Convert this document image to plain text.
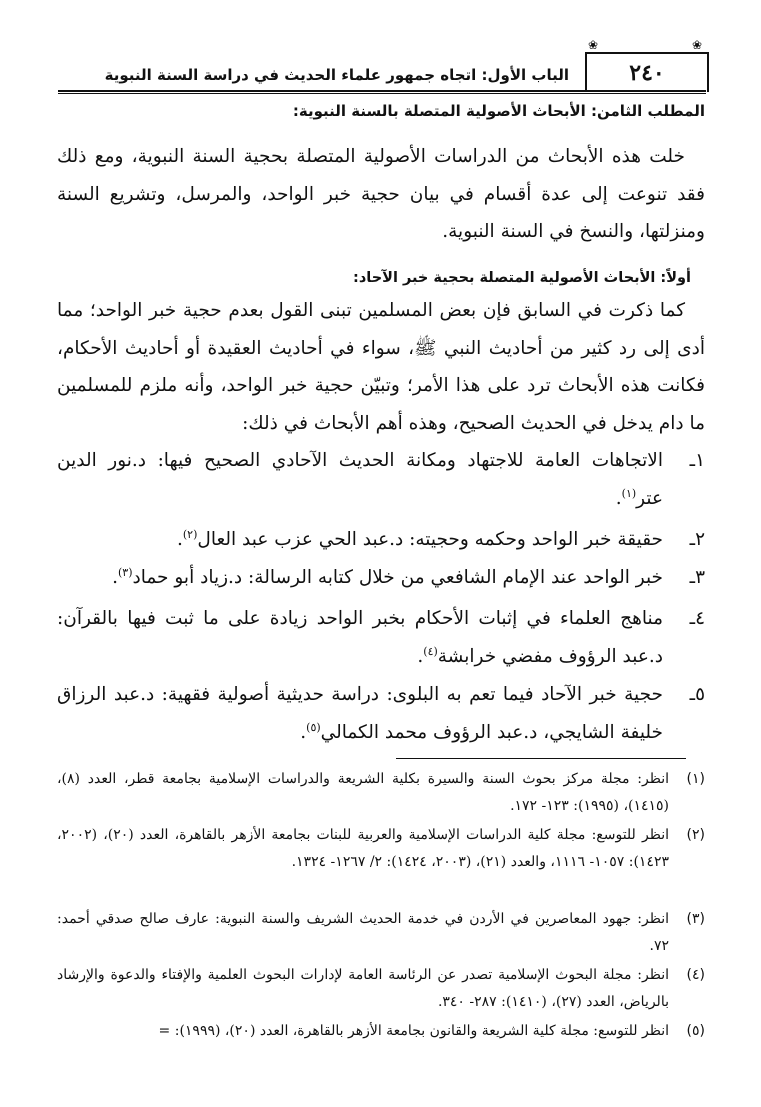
٢٤٠
❀	❀
الباب الأول: اتجاه جمهور علماء الحديث في دراسة السنة النبوية
المطلب الثامن: الأبحاث الأصولية المتصلة بالسنة النبوية:
خلت هذه الأبحاث من الدراسات الأصولية المتصلة بحجية السنة النبوية، ومع ذلك فقد تنوعت إلى عدة أقسام في بيان حجية خبر الواحد، والمرسل، وتشريع السنة ومنزلتها، والنسخ في السنة النبوية.
أولاً: الأبحاث الأصولية المتصلة بحجية خبر الآحاد:
كما ذكرت في السابق فإن بعض المسلمين تبنى القول بعدم حجية خبر الواحد؛ مما أدى إلى رد كثير من أحاديث النبي ﷺ، سواء في أحاديث العقيدة أو أحاديث الأحكام، فكانت هذه الأبحاث ترد على هذا الأمر؛ وتبيّن حجية خبر الواحد، وأنه ملزم للمسلمين ما دام يدخل في الحديث الصحيح، وهذه أهم الأبحاث في ذلك:
١ـ
الاتجاهات العامة للاجتهاد ومكانة الحديث الآحادي الصحيح فيها: د.نور الدين عتر$^{(١)}$.
٢ـ
حقيقة خبر الواحد وحكمه وحجيته: د.عبد الحي عزب عبد العال$^{(٢)}$.
٣ـ
خبر الواحد عند الإمام الشافعي من خلال كتابه الرسالة: د.زياد أبو حماد$^{(٣)}$.
٤ـ
مناهج العلماء في إثبات الأحكام بخبر الواحد زيادة على ما ثبت فيها بالقرآن: د.عبد الرؤوف مفضي خرابشة$^{(٤)}$.
٥ـ
حجية خبر الآحاد فيما تعم به البلوى: دراسة حديثية أصولية فقهية: د.عبد الرزاق خليفة الشايجي، د.عبد الرؤوف محمد الكمالي$^{(٥)}$.
(١)
انظر: مجلة مركز بحوث السنة والسيرة بكلية الشريعة والدراسات الإسلامية بجامعة قطر، العدد (٨)، (١٤١٥)، (١٩٩٥): ١٢٣- ١٧٢.
(٢)
انظر للتوسع: مجلة كلية الدراسات الإسلامية والعربية للبنات بجامعة الأزهر بالقاهرة، العدد (٢٠)، (٢٠٠٢، ١٤٢٣): ١٠٥٧- ١١١٦، والعدد (٢١)، (٢٠٠٣، ١٤٢٤): ٢/ ١٢٦٧- ١٣٢٤.
(٣)
انظر: جهود المعاصرين في الأردن في خدمة الحديث الشريف والسنة النبوية: عارف صالح صدقي أحمد: ٧٢.
(٤)
انظر: مجلة البحوث الإسلامية تصدر عن الرئاسة العامة لإدارات البحوث العلمية والإفتاء والدعوة والإرشاد بالرياض، العدد (٢٧)، (١٤١٠): ٢٨٧- ٣٤٠.
(٥)
انظر للتوسع: مجلة كلية الشريعة والقانون بجامعة الأزهر بالقاهرة، العدد (٢٠)، (١٩٩٩): =
